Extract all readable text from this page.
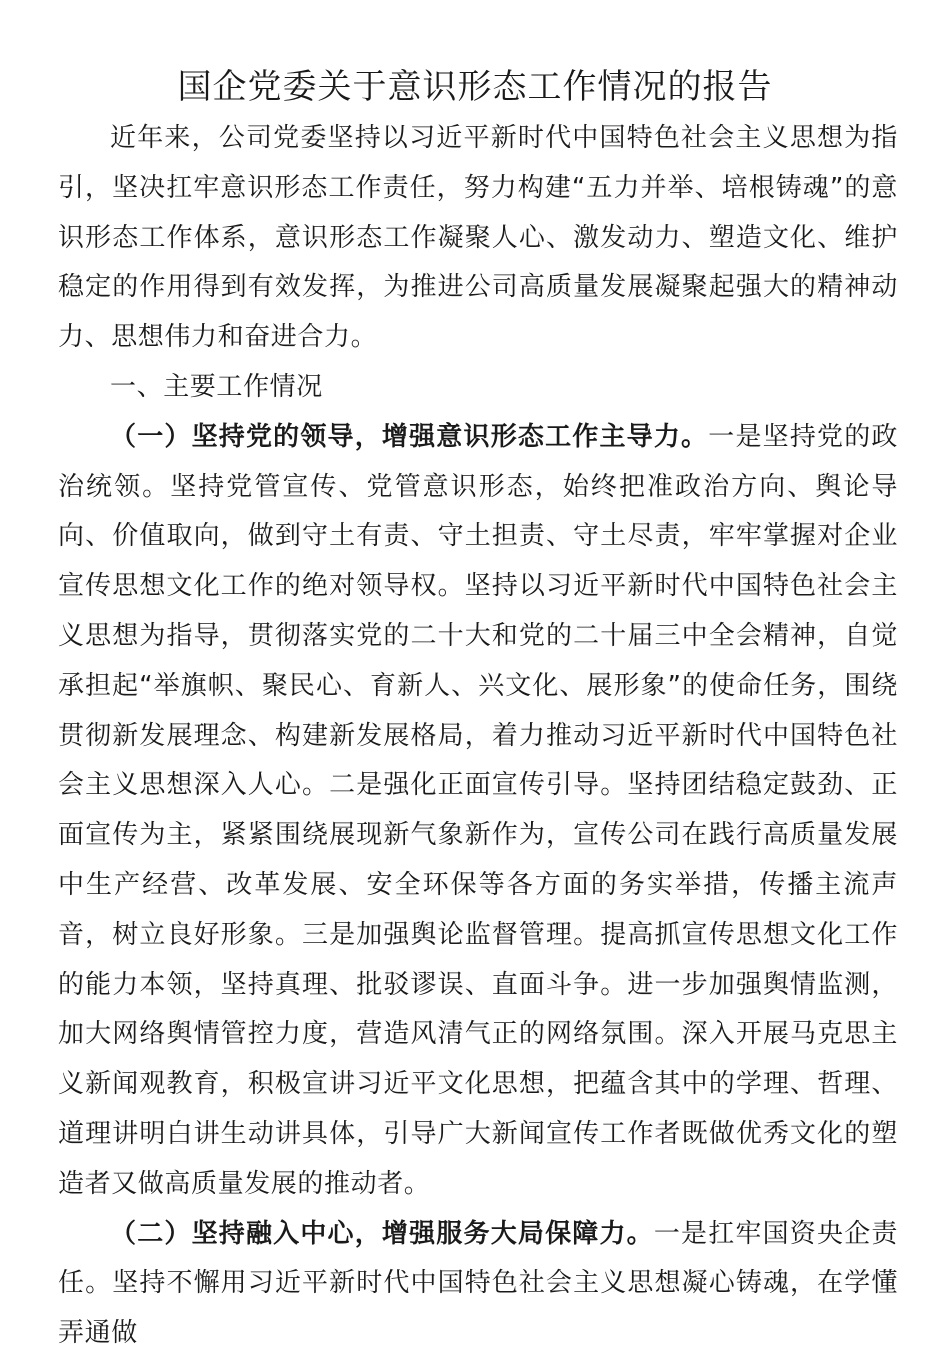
国企党委关于意识形态工作情况的报告

近年来，公司党委坚持以习近平新时代中国特色社会主义思想为指引，坚决扛牢意识形态工作责任，努力构建“五力并举、培根铸魂”的意识形态工作体系，意识形态工作凝聚人心、激发动力、塑造文化、维护稳定的作用得到有效发挥，为推进公司高质量发展凝聚起强大的精神动力、思想伟力和奋进合力。

一、主要工作情况

（一）坚持党的领导，增强意识形态工作主导力。一是坚持党的政治统领。坚持党管宣传、党管意识形态，始终把准政治方向、舆论导向、价值取向，做到守土有责、守土担责、守土尽责，牢牢掌握对企业宣传思想文化工作的绝对领导权。坚持以习近平新时代中国特色社会主义思想为指导，贯彻落实党的二十大和党的二十届三中全会精神，自觉承担起“举旗帜、聚民心、育新人、兴文化、展形象”的使命任务，围绕贯彻新发展理念、构建新发展格局，着力推动习近平新时代中国特色社会主义思想深入人心。二是强化正面宣传引导。坚持团结稳定鼓劲、正面宣传为主，紧紧围绕展现新气象新作为，宣传公司在践行高质量发展中生产经营、改革发展、安全环保等各方面的务实举措，传播主流声音，树立良好形象。三是加强舆论监督管理。提高抓宣传思想文化工作的能力本领，坚持真理、批驳谬误、直面斗争。进一步加强舆情监测，加大网络舆情管控力度，营造风清气正的网络氛围。深入开展马克思主义新闻观教育，积极宣讲习近平文化思想，把蕴含其中的学理、哲理、道理讲明白讲生动讲具体，引导广大新闻宣传工作者既做优秀文化的塑造者又做高质量发展的推动者。

（二）坚持融入中心，增强服务大局保障力。一是扛牢国资央企责任。坚持不懈用习近平新时代中国特色社会主义思想凝心铸魂，在学懂弄通做
